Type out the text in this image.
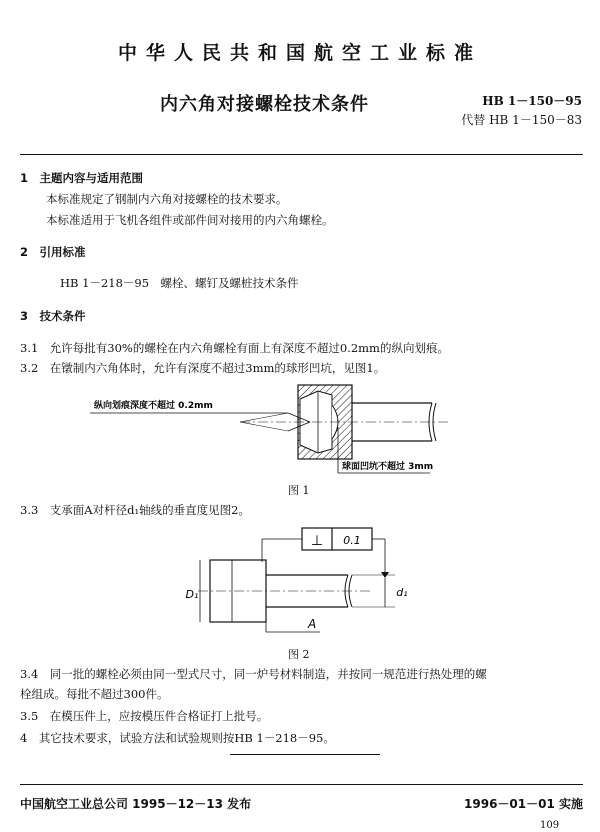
中华人民共和国航空工业标准
内六角对接螺栓技术条件	HB 1－150－95
代替 HB 1－150－83
1　主题内容与适用范围
本标准规定了钢制内六角对接螺栓的技术要求。
本标准适用于飞机各组件或部件间对接用的内六角螺栓。
2　引用标准
HB 1－218－95　螺栓、螺钉及螺桩技术条件
3　技术条件
3.1　允许每批有30%的螺栓在内六角螺栓有面上有深度不超过0.2mm的纵向划痕。
3.2　在镦制内六角体时，允许有深度不超过3mm的球形凹坑，见图1。
纵向划痕深度不超过 0.2mm
球面凹坑不超过 3mm
图 1
3.3　支承面A对杆径d₁轴线的垂直度见图2。
⊥ 0.1
D₁	d₁
A
图 2
3.4　同一批的螺栓必须由同一型式尺寸，同一炉号材料制造，并按同一规范进行热处理的螺
栓组成。每批不超过300件。
3.5　在模压件上，应按模压件合格证打上批号。
4　其它技术要求，试验方法和试验规则按HB 1－218－95。
中国航空工业总公司 1995－12－13 发布	1996－01－01 实施
109
